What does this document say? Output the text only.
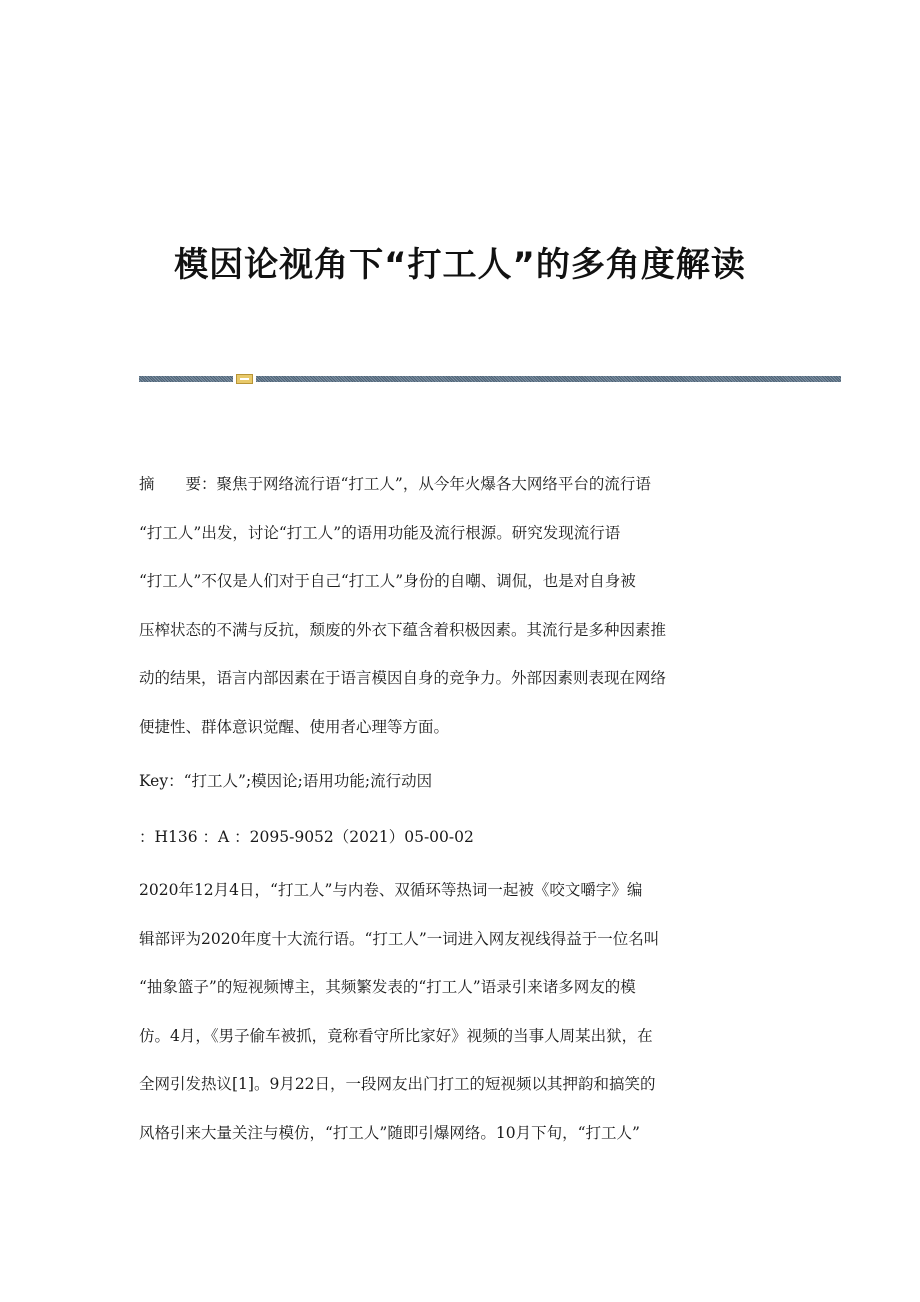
模因论视角下“打工人”的多角度解读
摘　　要：聚焦于网络流行语“打工人”，从今年火爆各大网络平台的流行语
“打工人”出发，讨论“打工人”的语用功能及流行根源。研究发现流行语
“打工人”不仅是人们对于自己“打工人”身份的自嘲、调侃，也是对自身被
压榨状态的不满与反抗，颓废的外衣下蕴含着积极因素。其流行是多种因素推
动的结果，语言内部因素在于语言模因自身的竞争力。外部因素则表现在网络
便捷性、群体意识觉醒、使用者心理等方面。
Key：“打工人”;模因论;语用功能;流行动因
：H136 ：A ：2095-9052（2021）05-00-02
2020年12月4日，“打工人”与内卷、双循环等热词一起被《咬文嚼字》编
辑部评为2020年度十大流行语。“打工人”一词进入网友视线得益于一位名叫
“抽象篮子”的短视频博主，其频繁发表的“打工人”语录引来诸多网友的模
仿。4月，《男子偷车被抓，竟称看守所比家好》视频的当事人周某出狱，在
全网引发热议[1]。9月22日，一段网友出门打工的短视频以其押韵和搞笑的
风格引来大量关注与模仿，“打工人”随即引爆网络。10月下旬，“打工人”
